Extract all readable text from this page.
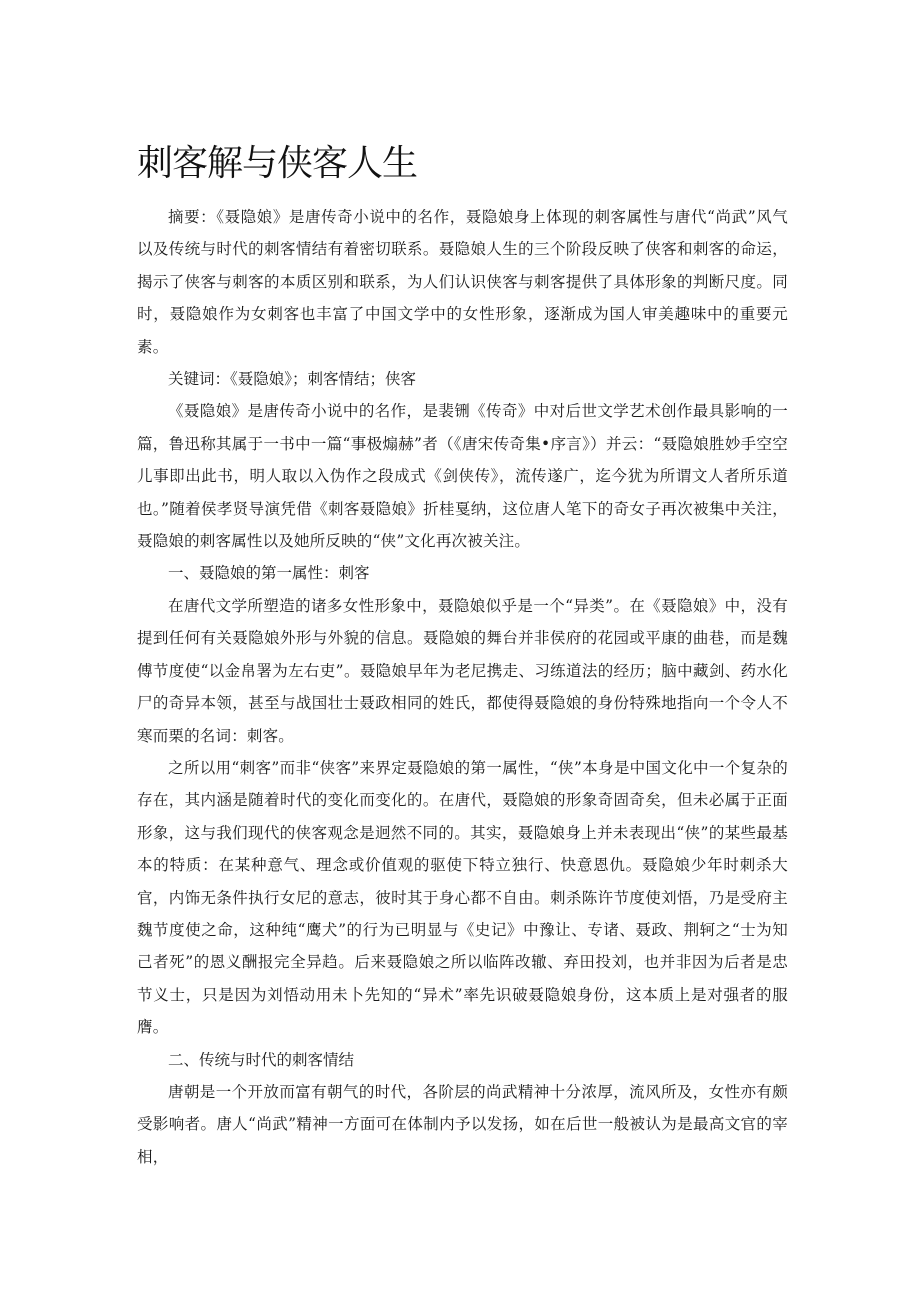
刺客解与侠客人生

摘要：《聂隐娘》是唐传奇小说中的名作，聂隐娘身上体现的刺客属性与唐代“尚武”风气以及传统与时代的刺客情结有着密切联系。聂隐娘人生的三个阶段反映了侠客和刺客的命运，揭示了侠客与刺客的本质区别和联系，为人们认识侠客与刺客提供了具体形象的判断尺度。同时，聂隐娘作为女刺客也丰富了中国文学中的女性形象，逐渐成为国人审美趣味中的重要元素。

关键词：《聂隐娘》；刺客情结；侠客

《聂隐娘》是唐传奇小说中的名作，是裴铏《传奇》中对后世文学艺术创作最具影响的一篇，鲁迅称其属于一书中一篇“事极煽赫”者（《唐宋传奇集•序言》）并云：“聂隐娘胜妙手空空儿事即出此书，明人取以入伪作之段成式《剑侠传》，流传遂广，迄今犹为所谓文人者所乐道也。”随着侯孝贤导演凭借《刺客聂隐娘》折桂戛纳，这位唐人笔下的奇女子再次被集中关注，聂隐娘的刺客属性以及她所反映的“侠”文化再次被关注。

一、聂隐娘的第一属性：刺客

在唐代文学所塑造的诸多女性形象中，聂隐娘似乎是一个“异类”。在《聂隐娘》中，没有提到任何有关聂隐娘外形与外貌的信息。聂隐娘的舞台并非侯府的花园或平康的曲巷，而是魏傅节度使“以金帛署为左右吏”。聂隐娘早年为老尼携走、习练道法的经历；脑中藏剑、药水化尸的奇异本领，甚至与战国壮士聂政相同的姓氏，都使得聂隐娘的身份特殊地指向一个令人不寒而栗的名词：刺客。

之所以用“刺客”而非“侠客”来界定聂隐娘的第一属性，“侠”本身是中国文化中一个复杂的存在，其内涵是随着时代的变化而变化的。在唐代，聂隐娘的形象奇固奇矣，但未必属于正面形象，这与我们现代的侠客观念是迥然不同的。其实，聂隐娘身上并未表现出“侠”的某些最基本的特质：在某种意气、理念或价值观的驱使下特立独行、快意恩仇。聂隐娘少年时刺杀大官，内饰无条件执行女尼的意志，彼时其于身心都不自由。刺杀陈许节度使刘悟，乃是受府主魏节度使之命，这种纯“鹰犬”的行为已明显与《史记》中豫让、专诸、聂政、荆轲之“士为知己者死”的恩义酬报完全异趋。后来聂隐娘之所以临阵改辙、弃田投刘，也并非因为后者是忠节义士，只是因为刘悟动用未卜先知的“异术”率先识破聂隐娘身份，这本质上是对强者的服膺。

二、传统与时代的刺客情结

唐朝是一个开放而富有朝气的时代，各阶层的尚武精神十分浓厚，流风所及，女性亦有颇受影响者。唐人“尚武”精神一方面可在体制内予以发扬，如在后世一般被认为是最高文官的宰相，
